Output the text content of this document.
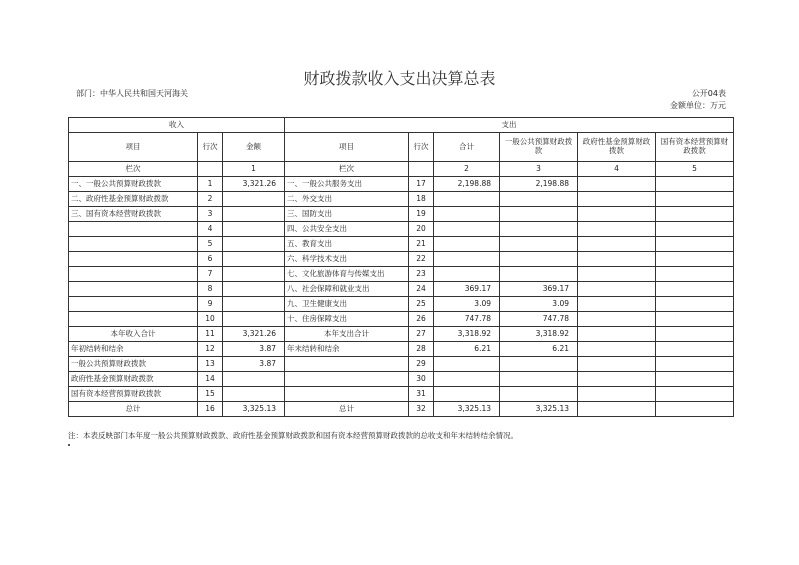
财政拨款收入支出决算总表
部门：中华人民共和国天河海关	公开04表
金额单位：万元
收入			支出					
项目	行次	金额	项目	行次	合计	一般公共预算财政拨款	政府性基金预算财政拨款	国有资本经营预算财政拨款
栏次		1	栏次		2	3	4	5
一、一般公共预算财政拨款	1	3,321.26	一、一般公共服务支出	17	2,198.88	2,198.88		
二、政府性基金预算财政拨款	2		二、外交支出	18				
三、国有资本经营财政拨款	3		三、国防支出	19				
	4		四、公共安全支出	20				
	5		五、教育支出	21				
	6		六、科学技术支出	22				
	7		七、文化旅游体育与传媒支出	23				
	8		八、社会保障和就业支出	24	369.17	369.17		
	9		九、卫生健康支出	25	3.09	3.09		
	10		十、住房保障支出	26	747.78	747.78		
本年收入合计	11	3,321.26	本年支出合计	27	3,318.92	3,318.92		
年初结转和结余	12	3.87	年末结转和结余	28	6.21	6.21		
一般公共预算财政拨款	13	3.87		29				
政府性基金预算财政拨款	14			30				
国有资本经营预算财政拨款	15			31				
总计	16	3,325.13	总计	32	3,325.13	3,325.13		
注：本表反映部门本年度一般公共预算财政拨款、政府性基金预算财政拨款和国有资本经营预算财政拨款的总收支和年末结转结余情况。
